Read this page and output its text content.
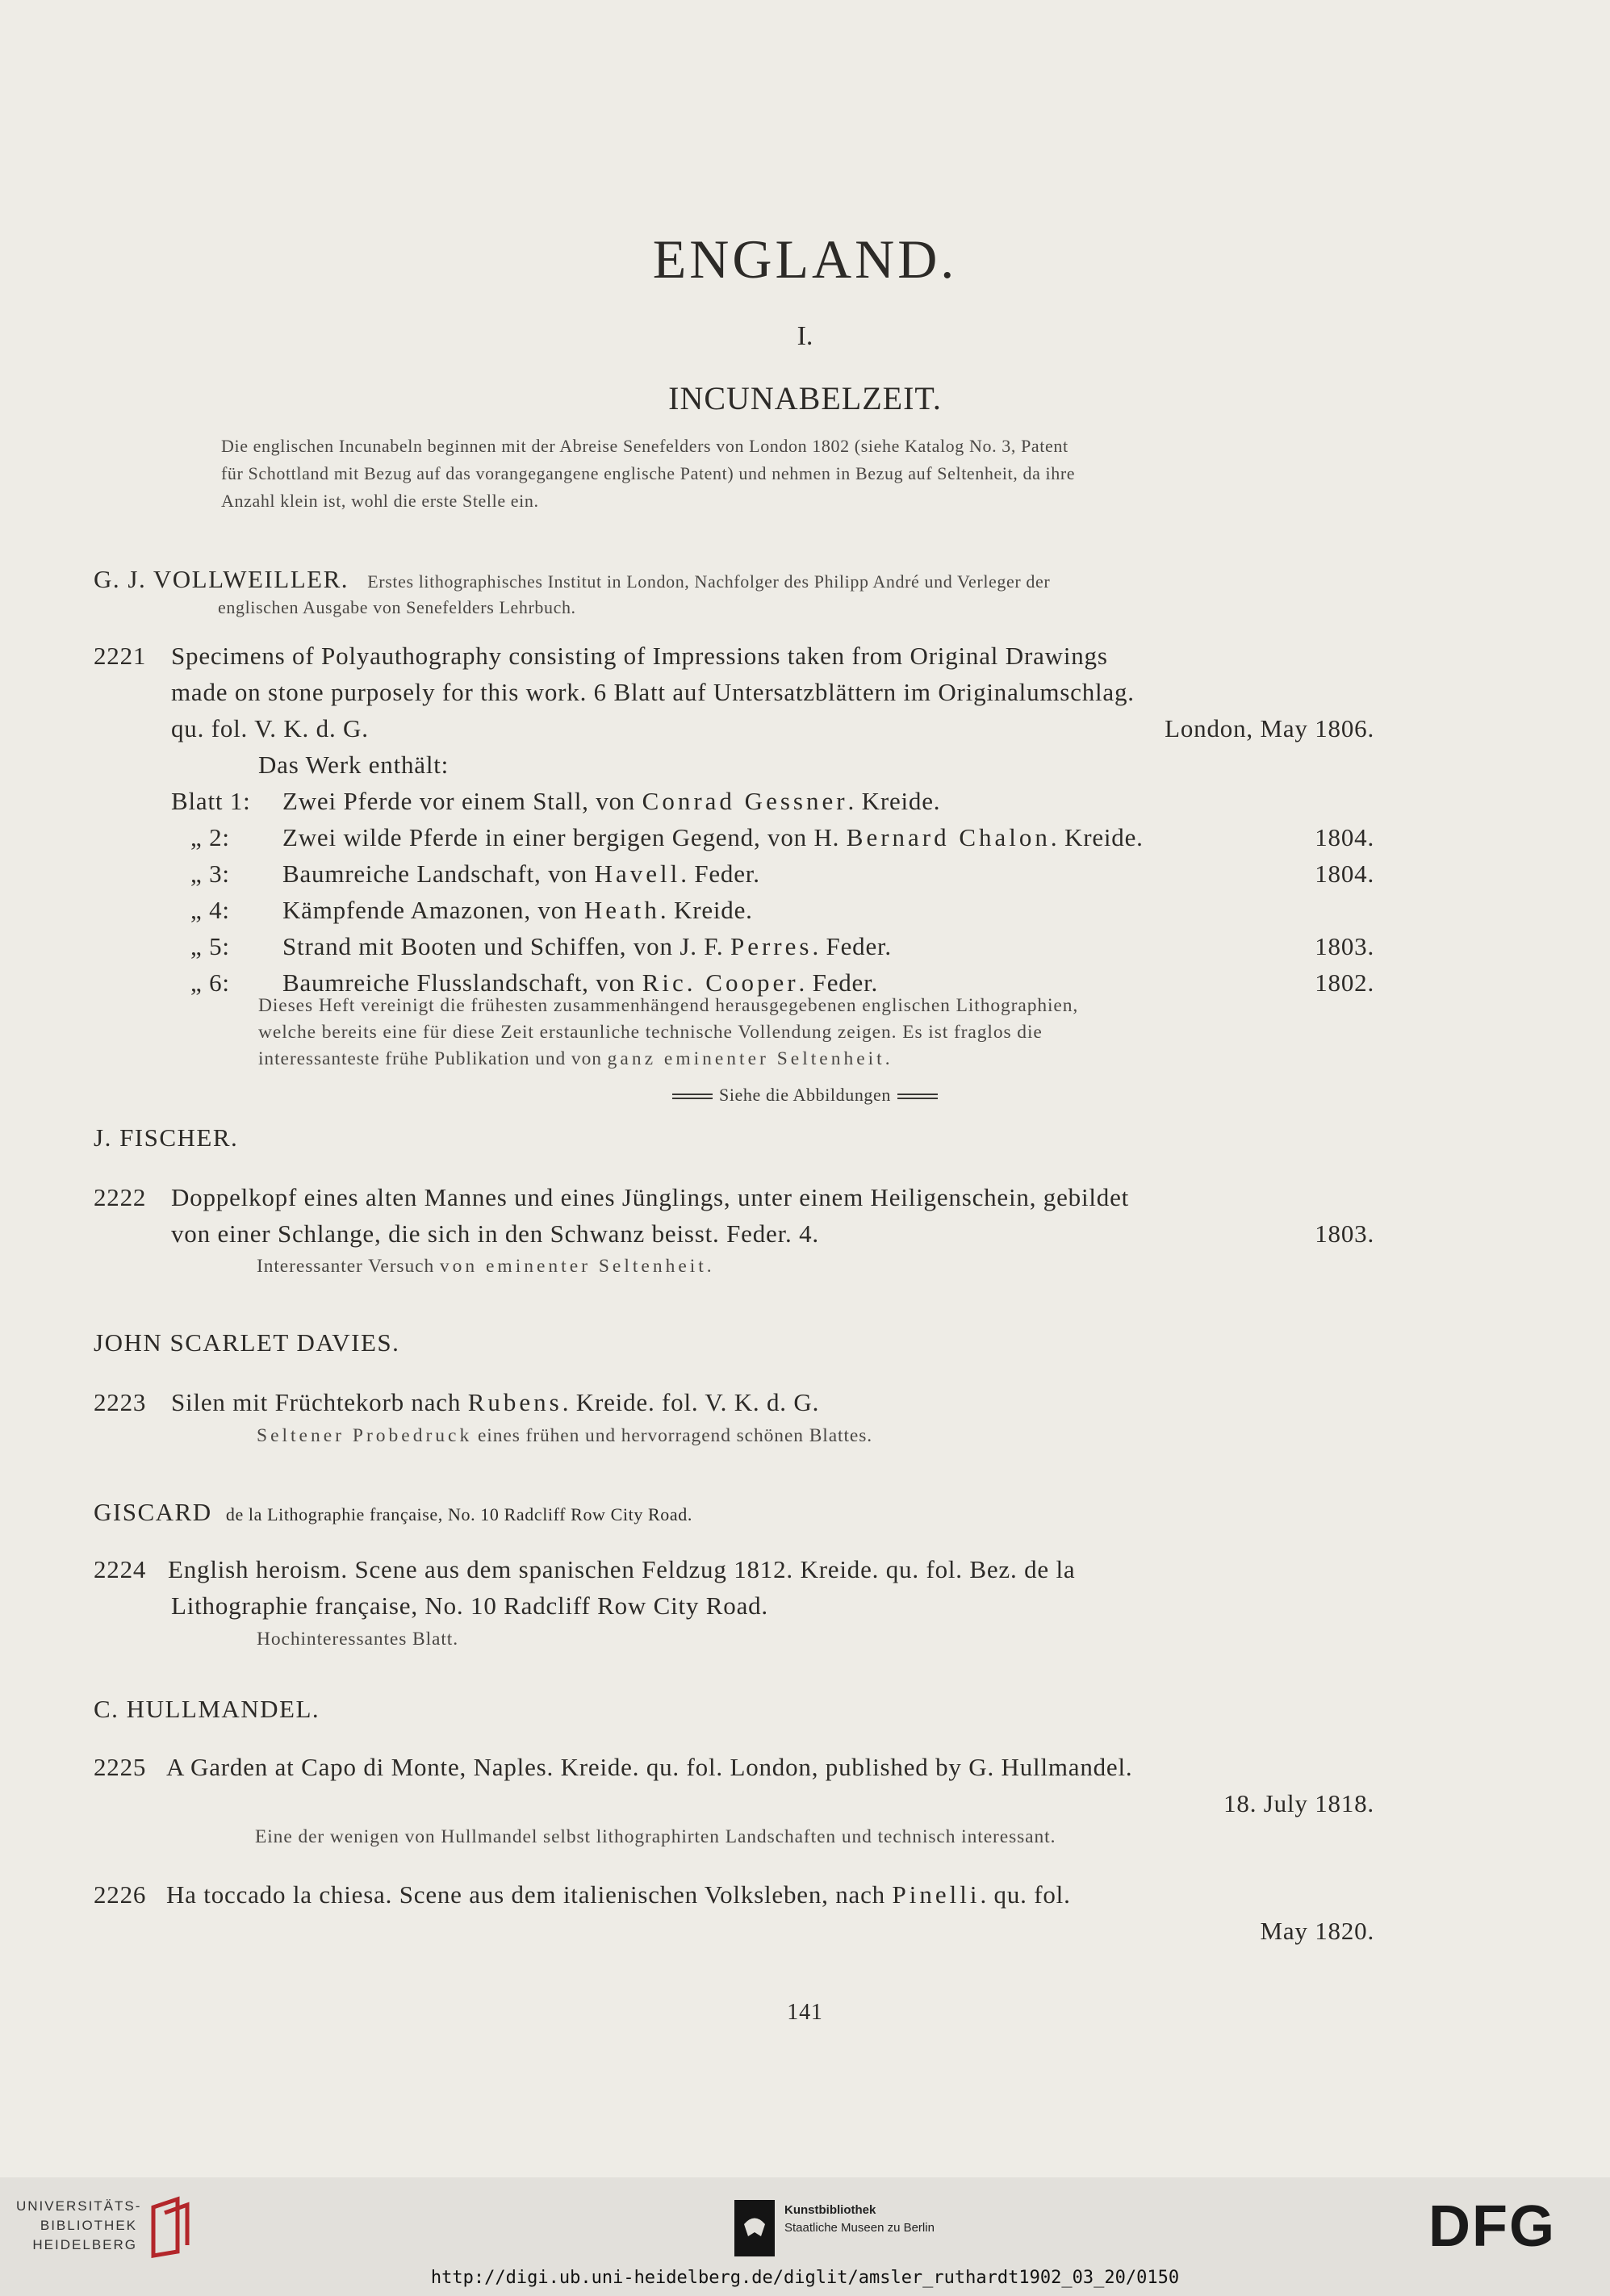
ENGLAND.
I.
INCUNABELZEIT.
Die englischen Incunabeln beginnen mit der Abreise Senefelders von London 1802 (siehe Katalog No. 3, Patent
für Schottland mit Bezug auf das vorangegangene englische Patent) und nehmen in Bezug auf Seltenheit, da ihre
Anzahl klein ist, wohl die erste Stelle ein.
G. J. VOLLWEILLER. Erstes lithographisches Institut in London, Nachfolger des Philipp André und Verleger der
englischen Ausgabe von Senefelders Lehrbuch.
2221 Specimens of Polyauthography consisting of Impressions taken from Original Drawings
made on stone purposely for this work. 6 Blatt auf Untersatzblättern im Originalumschlag.
qu. fol. V. K. d. G.	London, May 1806.
Das Werk enthält:
Blatt 1: Zwei Pferde vor einem Stall, von Conrad Gessner. Kreide.
„ 2: Zwei wilde Pferde in einer bergigen Gegend, von H. Bernard Chalon. Kreide.	1804.
„ 3: Baumreiche Landschaft, von Havell. Feder.	1804.
„ 4: Kämpfende Amazonen, von Heath. Kreide.
„ 5: Strand mit Booten und Schiffen, von J. F. Perres. Feder.	1803.
„ 6: Baumreiche Flusslandschaft, von Ric. Cooper. Feder.	1802.
Dieses Heft vereinigt die frühesten zusammenhängend herausgegebenen englischen Lithographien,
welche bereits eine für diese Zeit erstaunliche technische Vollendung zeigen. Es ist fraglos die
interessanteste frühe Publikation und von ganz eminenter Seltenheit.
Siehe die Abbildungen
J. FISCHER.
2222 Doppelkopf eines alten Mannes und eines Jünglings, unter einem Heiligenschein, gebildet
von einer Schlange, die sich in den Schwanz beisst. Feder. 4.	1803.
Interessanter Versuch von eminenter Seltenheit.
JOHN SCARLET DAVIES.
2223 Silen mit Früchtekorb nach Rubens. Kreide. fol. V. K. d. G.
Seltener Probedruck eines frühen und hervorragend schönen Blattes.
GISCARD de la Lithographie française, No. 10 Radcliff Row City Road.
2224 English heroism. Scene aus dem spanischen Feldzug 1812. Kreide. qu. fol. Bez. de la
Lithographie française, No. 10 Radcliff Row City Road.
Hochinteressantes Blatt.
C. HULLMANDEL.
2225 A Garden at Capo di Monte, Naples. Kreide. qu. fol. London, published by G. Hullmandel.
18. July 1818.
Eine der wenigen von Hullmandel selbst lithographirten Landschaften und technisch interessant.
2226 Ha toccado la chiesa. Scene aus dem italienischen Volksleben, nach Pinelli. qu. fol.
May 1820.
141
UNIVERSITÄTS-
BIBLIOTHEK
HEIDELBERG
Kunstbibliothek
Staatliche Museen zu Berlin	DFG
http://digi.ub.uni-heidelberg.de/diglit/amsler_ruthardt1902_03_20/0150
